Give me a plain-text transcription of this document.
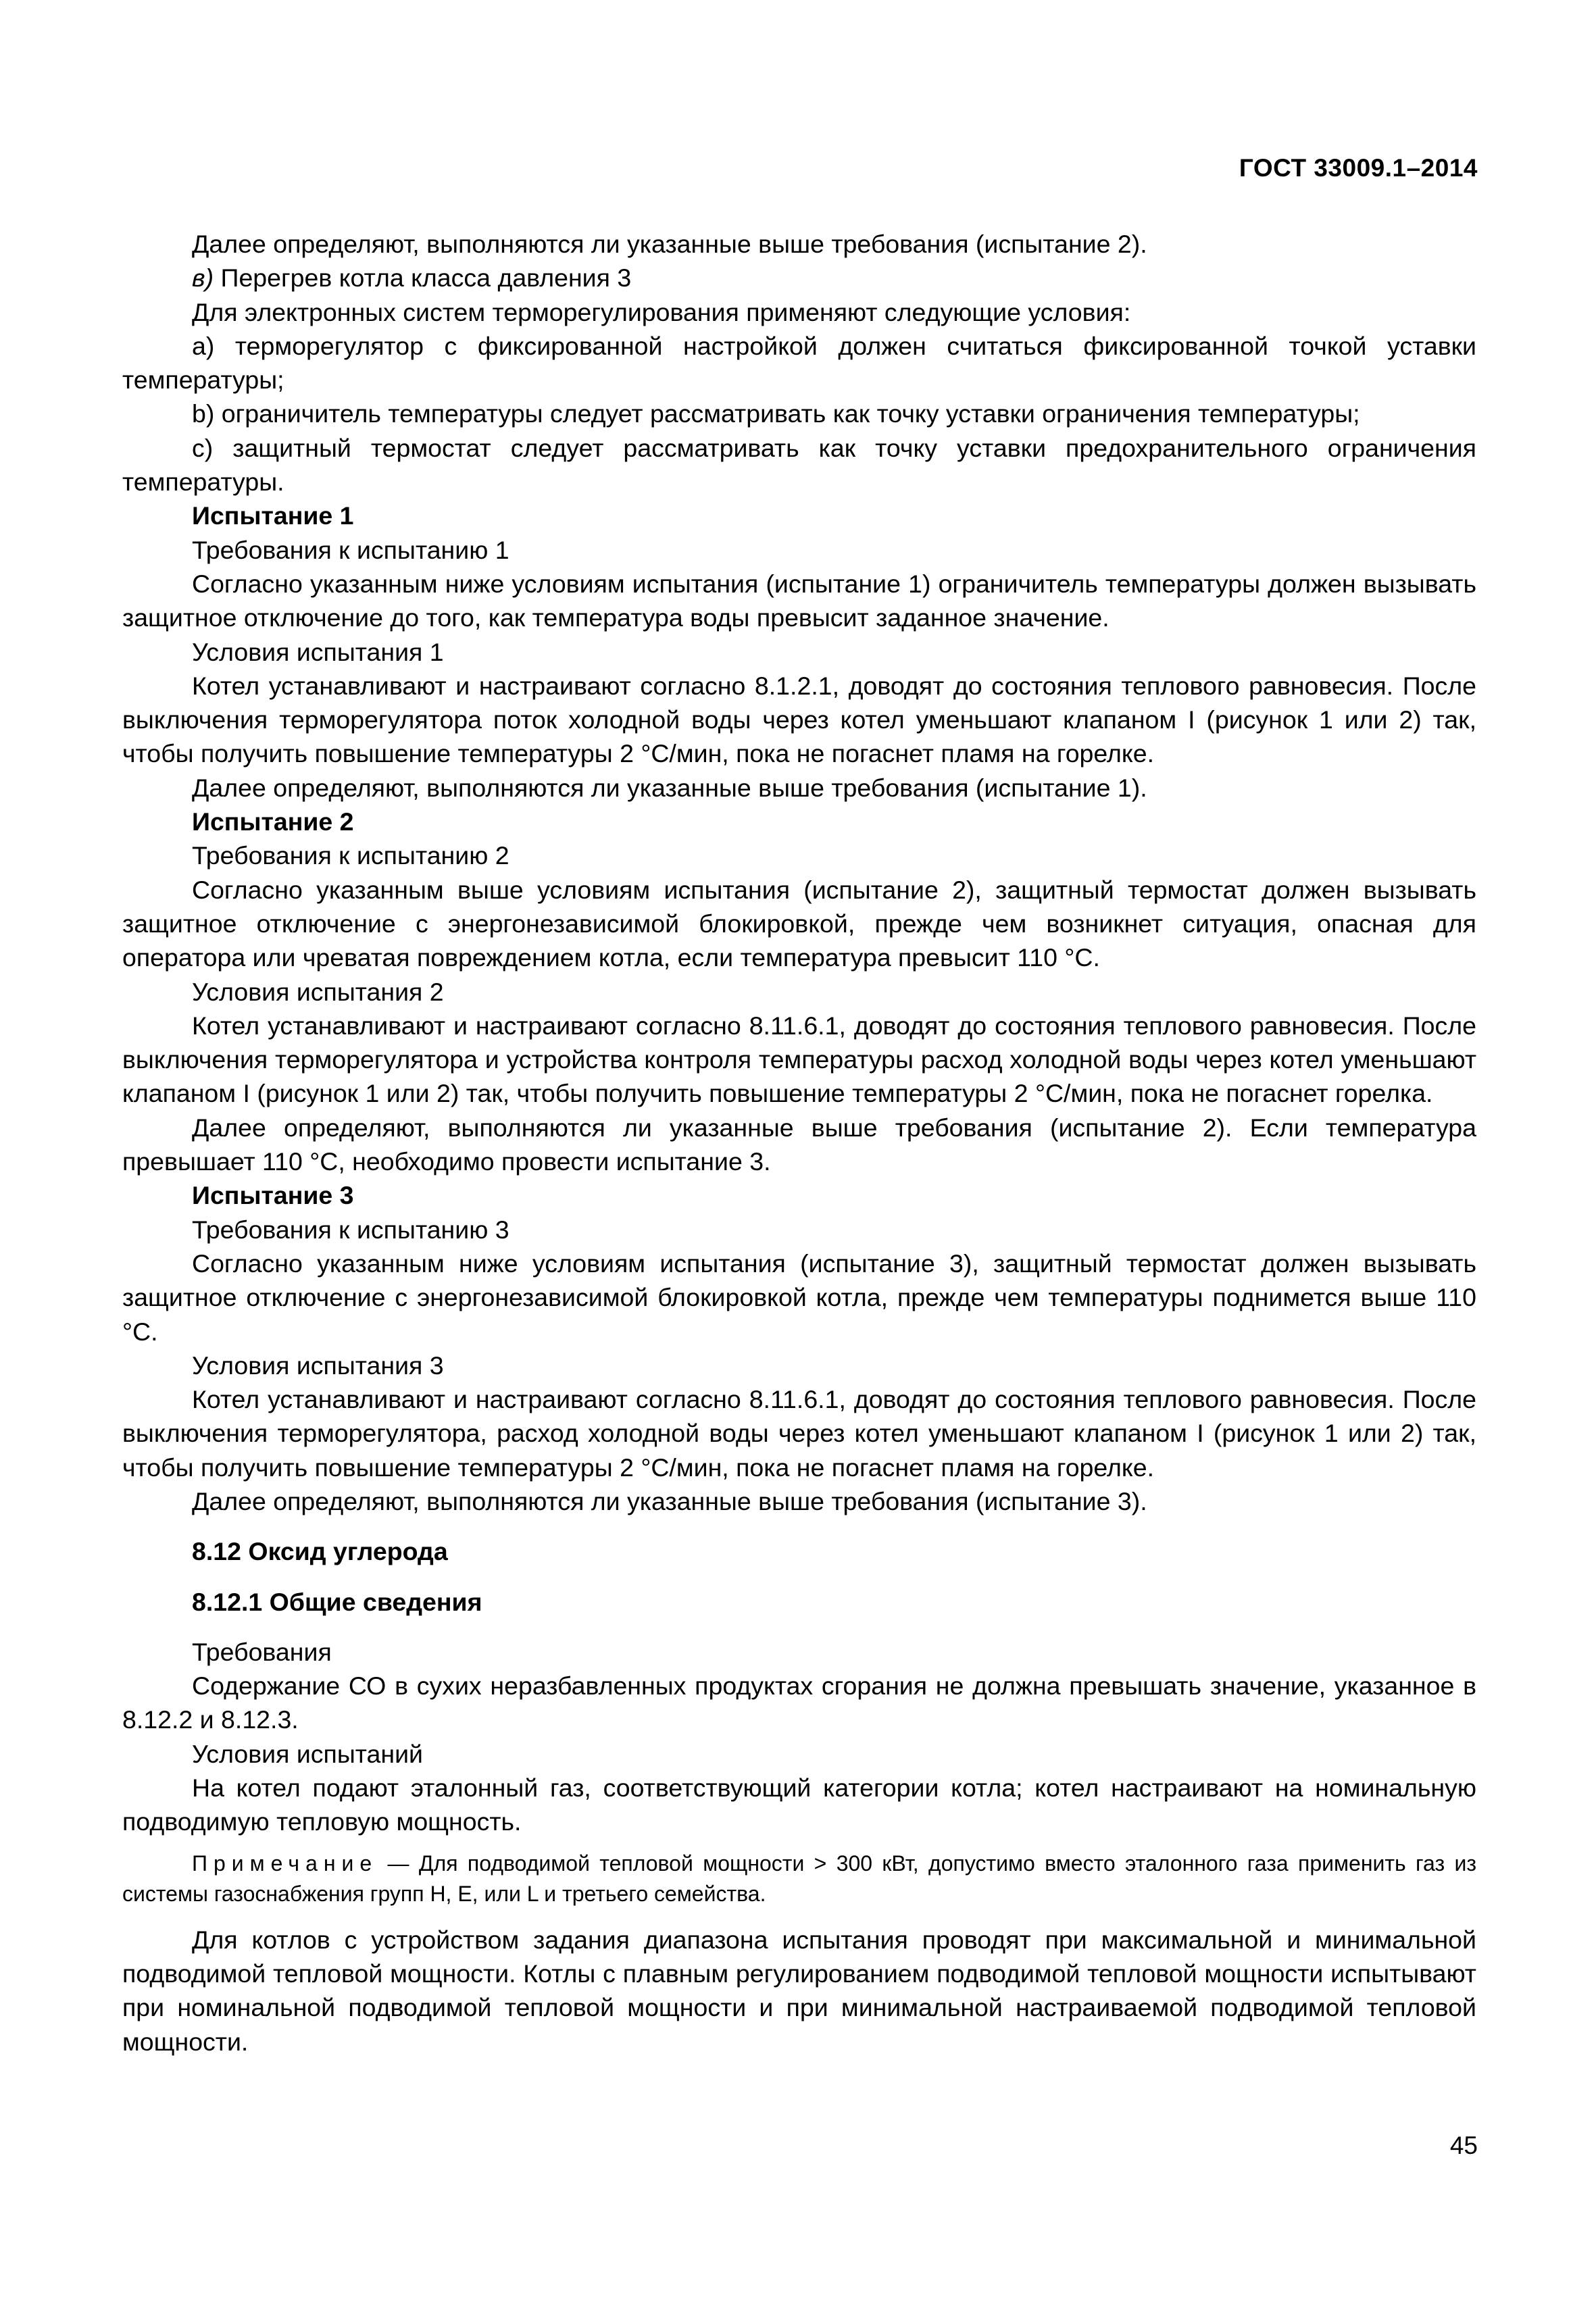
ГОСТ 33009.1–2014

Далее определяют, выполняются ли указанные выше требования (испытание 2).

в) Перегрев котла класса давления 3

Для электронных систем терморегулирования применяют следующие условия:

a) терморегулятор с фиксированной настройкой должен считаться фиксированной точкой уставки температуры;

b) ограничитель температуры следует рассматривать как точку уставки ограничения температуры;

c) защитный термостат следует рассматривать как точку уставки предохранительного ограничения температуры.

Испытание 1

Требования к испытанию 1

Согласно указанным ниже условиям испытания (испытание 1) ограничитель температуры должен вызывать защитное отключение до того, как температура воды превысит заданное значение.

Условия испытания 1

Котел устанавливают и настраивают согласно 8.1.2.1, доводят до состояния теплового равновесия. После выключения терморегулятора поток холодной воды через котел уменьшают клапаном I (рисунок 1 или 2) так, чтобы получить повышение температуры 2 °С/мин, пока не погаснет пламя на горелке.

Далее определяют, выполняются ли указанные выше требования (испытание 1).

Испытание 2

Требования к испытанию 2

Согласно указанным выше условиям испытания (испытание 2), защитный термостат должен вызывать защитное отключение с энергонезависимой блокировкой, прежде чем возникнет ситуация, опасная для оператора или чреватая повреждением котла, если температура превысит 110 °С.

Условия испытания 2

Котел устанавливают и настраивают согласно 8.11.6.1, доводят до состояния теплового равновесия. После выключения терморегулятора и устройства контроля температуры расход холодной воды через котел уменьшают клапаном I (рисунок 1 или 2) так, чтобы получить повышение температуры 2 °С/мин, пока не погаснет горелка.

Далее определяют, выполняются ли указанные выше требования (испытание 2). Если температура превышает 110 °С, необходимо провести испытание 3.

Испытание 3

Требования к испытанию 3

Согласно указанным ниже условиям испытания (испытание 3), защитный термостат должен вызывать защитное отключение с энергонезависимой блокировкой котла, прежде чем температуры поднимется выше 110 °С.

Условия испытания 3

Котел устанавливают и настраивают согласно 8.11.6.1, доводят до состояния теплового равновесия. После выключения терморегулятора, расход холодной воды через котел уменьшают клапаном I (рисунок 1 или 2) так, чтобы получить повышение температуры 2 °С/мин, пока не погаснет пламя на горелке.

Далее определяют, выполняются ли указанные выше требования (испытание 3).

8.12 Оксид углерода

8.12.1 Общие сведения

Требования

Содержание СО в сухих неразбавленных продуктах сгорания не должна превышать значение, указанное в 8.12.2 и 8.12.3.

Условия испытаний

На котел подают эталонный газ, соответствующий категории котла; котел настраивают на номинальную подводимую тепловую мощность.

Примечание — Для подводимой тепловой мощности > 300 кВт, допустимо вместо эталонного газа применить газ из системы газоснабжения групп Н, Е, или L и третьего семейства.

Для котлов с устройством задания диапазона испытания проводят при максимальной и минимальной подводимой тепловой мощности. Котлы с плавным регулированием подводимой тепловой мощности испытывают при номинальной подводимой тепловой мощности и при минимальной настраиваемой подводимой тепловой мощности.

45
